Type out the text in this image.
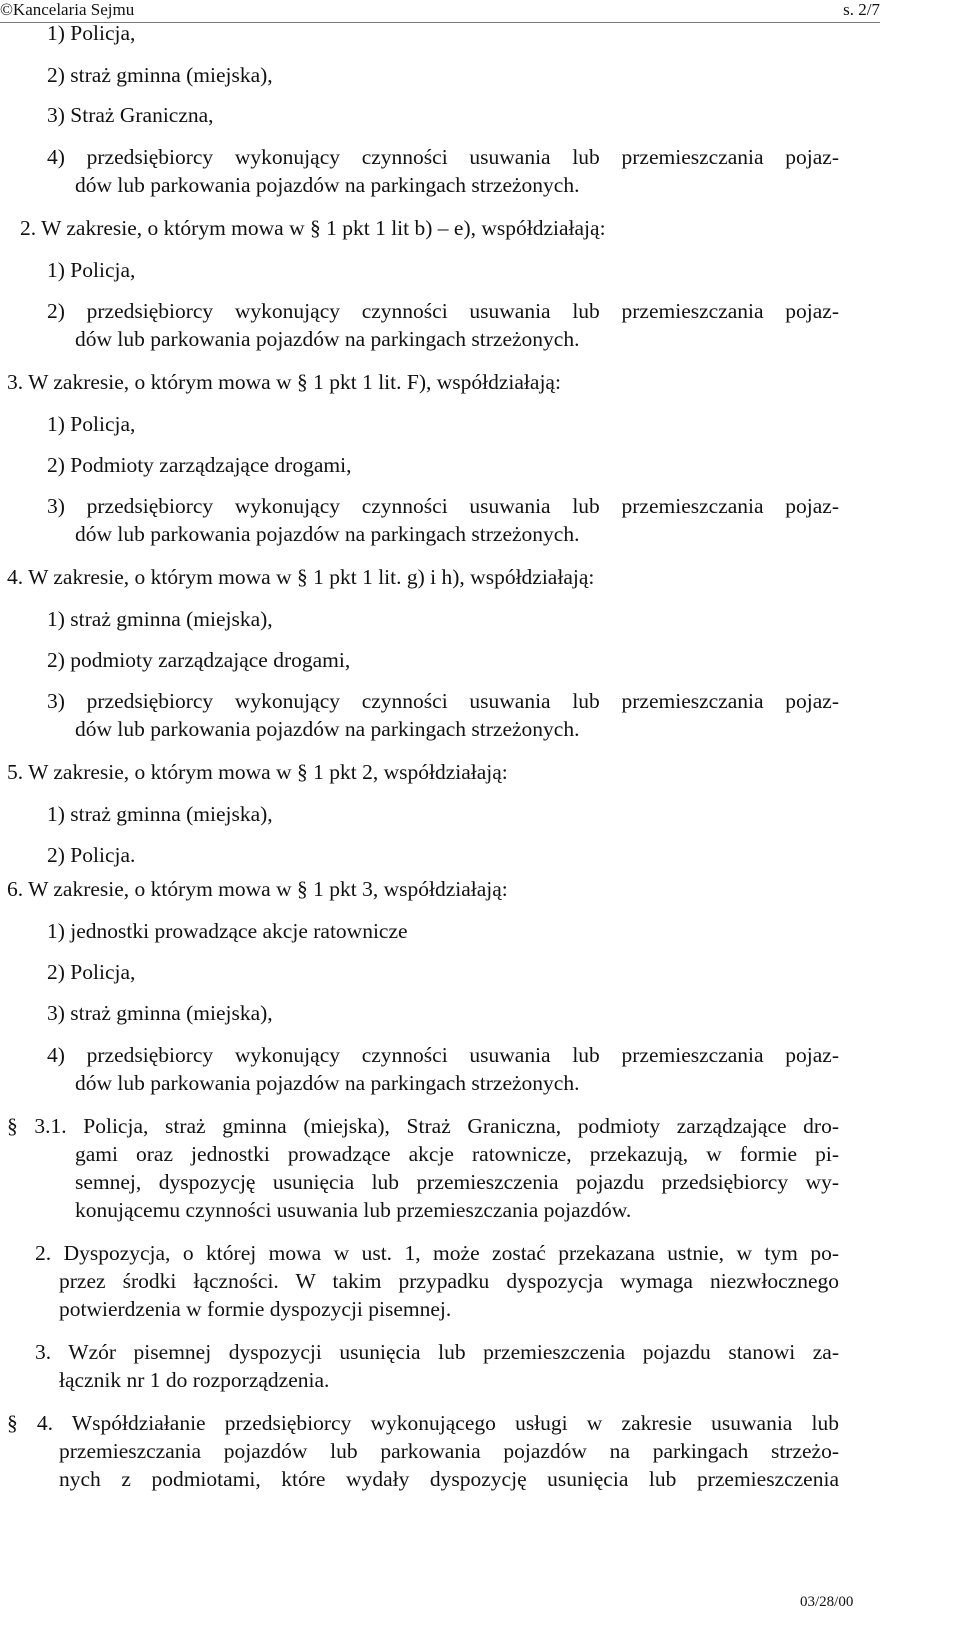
©Kancelaria Sejmu	s. 2/7
1) Policja,
2) straż gminna (miejska),
3) Straż Graniczna,
4) przedsiębiorcy wykonujący czynności usuwania lub przemieszczania pojaz-
dów lub parkowania pojazdów na parkingach strzeżonych.
2. W zakresie, o którym mowa w § 1 pkt 1 lit b) – e), współdziałają:
1) Policja,
2) przedsiębiorcy wykonujący czynności usuwania lub przemieszczania pojaz-
dów lub parkowania pojazdów na parkingach strzeżonych.
3. W zakresie, o którym mowa w § 1 pkt 1 lit. F), współdziałają:
1) Policja,
2) Podmioty zarządzające drogami,
3) przedsiębiorcy wykonujący czynności usuwania lub przemieszczania pojaz-
dów lub parkowania pojazdów na parkingach strzeżonych.
4. W zakresie, o którym mowa w § 1 pkt 1 lit. g) i h), współdziałają:
1) straż gminna (miejska),
2) podmioty zarządzające drogami,
3) przedsiębiorcy wykonujący czynności usuwania lub przemieszczania pojaz-
dów lub parkowania pojazdów na parkingach strzeżonych.
5. W zakresie, o którym mowa w § 1 pkt 2, współdziałają:
1) straż gminna (miejska),
2) Policja.
6. W zakresie, o którym mowa w § 1 pkt 3, współdziałają:
1) jednostki prowadzące akcje ratownicze
2) Policja,
3) straż gminna (miejska),
4) przedsiębiorcy wykonujący czynności usuwania lub przemieszczania pojaz-
dów lub parkowania pojazdów na parkingach strzeżonych.
§ 3.1. Policja, straż gminna (miejska), Straż Graniczna, podmioty zarządzające dro-
gami oraz jednostki prowadzące akcje ratownicze, przekazują, w formie pi-
semnej, dyspozycję usunięcia lub przemieszczenia pojazdu przedsiębiorcy wy-
konującemu czynności usuwania lub przemieszczania pojazdów.
2. Dyspozycja, o której mowa w ust. 1, może zostać przekazana ustnie, w tym po-
przez środki łączności. W takim przypadku dyspozycja wymaga niezwłocznego
potwierdzenia w formie dyspozycji pisemnej.
3. Wzór pisemnej dyspozycji usunięcia lub przemieszczenia pojazdu stanowi za-
łącznik nr 1 do rozporządzenia.
§ 4. Współdziałanie przedsiębiorcy wykonującego usługi w zakresie usuwania lub
przemieszczania pojazdów lub parkowania pojazdów na parkingach strzeżo-
nych z podmiotami, które wydały dyspozycję usunięcia lub przemieszczenia
03/28/00
